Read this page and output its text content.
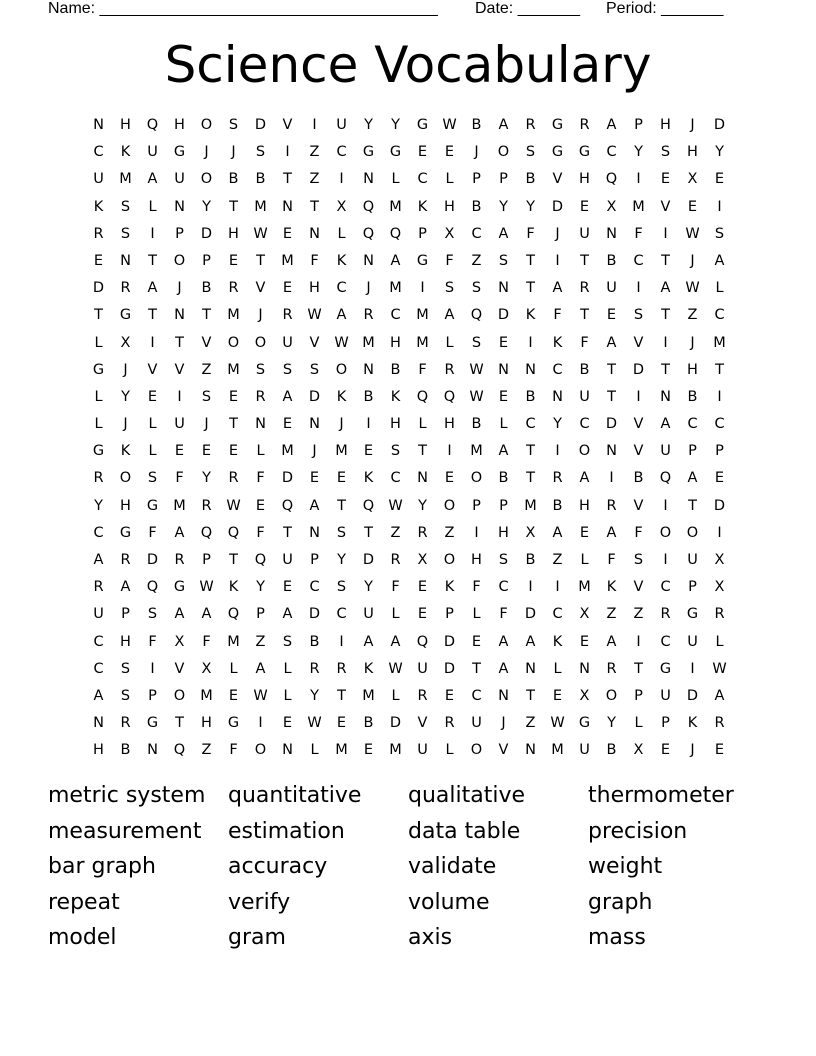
Name: ______________________________________ Date: _______ Period: _______
Science Vocabulary
N	H	Q	H	O	S	D	V	I	U	Y	Y	G W	B	A	R	G	R	A	P	H	J	D
C	K	U	G	J	J	S	I	Z	C	G	G	E	E	J	O	S	G	G	C	Y	S	H	Y
U	M	A	U	O	B	B	T	Z	I	N	L	C	L	P	P	B	V	H	Q	I	E	X	E
K	S	L	N	Y	T	M	N	T	X	Q	M	K	H	B	Y	Y	D	E	X	M	V	E	I
R	S	I	P	D	H W	E	N	L	Q	Q	P	X	C	A	F	J	U	N	F	I	W	S
E	N	T	O	P	E	T	M	F	K	N	A	G	F	Z	S	T	I	T	B	C	T	J	A
D	R	A	J	B	R	V	E	H	C	J	M	I	S	S	N	T	A	R	U	I	A	W	L
T	G	T	N	T	M	J	R	W	A	R	C	M	A	Q	D	K	F	T	E	S	T	Z	C
L	X	I	T	V	O	O	U	V	W M	H	M	L	S	E	I	K	F	A	V	I	J	M
G	J	V	V	Z	M	S	S	S	O	N	B	F	R	W N	N	C	B	T	D	T	H	T
L	Y	E	I	S	E	R	A	D	K	B	K	Q	Q W	E	B	N	U	T	I	N	B	I
L	J	L	U	J	T	N	E	N	J	I	H	L	H	B	L	C	Y	C	D	V	A	C	C
G	K	L	E	E	E	L	M	J	M	E	S	T	I	M	A	T	I	O	N	V	U	P	P
R	O	S	F	Y	R	F	D	E	E	K	C	N	E	O	B	T	R	A	I	B	Q	A	E
Y	H	G	M	R	W	E	Q	A	T	Q W	Y	O	P	P	M	B	H	R	V	I	T	D
C	G	F	A	Q	Q	F	T	N	S	T	Z	R	Z	I	H	X	A	E	A	F	O	O	I
A	R	D	R	P	T	Q	U	P	Y	D	R	X	O	H	S	B	Z	L	F	S	I	U	X
R	A	Q	G W	K	Y	E	C	S	Y	F	E	K	F	C	I	I	M	K	V	C	P	X
U	P	S	A	A	Q	P	A	D	C	U	L	E	P	L	F	D	C	X	Z	Z	R	G	R
C	H	F	X	F	M	Z	S	B	I	A	A	Q	D	E	A	A	K	E	A	I	C	U	L
C	S	I	V	X	L	A	L	R	R	K	W	U	D	T	A	N	L	N	R	T	G	I	W
A	S	P	O	M	E	W	L	Y	T	M	L	R	E	C	N	T	E	X	O	P	U	D	A
N	R	G	T	H	G	I	E	W	E	B	D	V	R	U	J	Z	W G	Y	L	P	K	R
H	B	N	Q	Z	F	O	N	L	M	E	M	U	L	O	V	N	M	U	B	X	E	J	E
metric system	quantitative	qualitative	thermometer
measurement	estimation	data table	precision
bar graph	accuracy	validate	weight
repeat	verify	volume	graph
model	gram	axis	mass
